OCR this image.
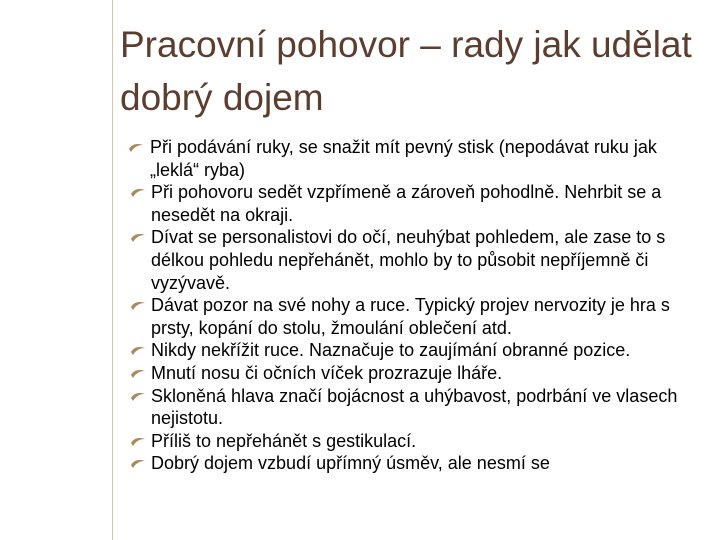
Pracovní pohovor – rady jak udělat dobrý dojem
Při podávání ruky, se snažit mít pevný stisk (nepodávat ruku jak „leklá“ ryba)
Při pohovoru sedět vzpřímeně a zároveň pohodlně. Nehrbit se a nesedět na okraji.
Dívat se personalistovi do očí, neuhýbat pohledem, ale zase to s délkou pohledu nepřehánět, mohlo by to působit nepříjemně či vyzývavě.
Dávat pozor na své nohy a ruce. Typický projev nervozity je hra s prsty, kopání do stolu, žmoulání oblečení atd.
Nikdy nekřížit ruce. Naznačuje to zaujímání obranné pozice.
Mnutí nosu či očních víček prozrazuje lháře.
Skloněná hlava značí bojácnost a uhýbavost, podrbání ve vlasech nejistotu.
Příliš to nepřehánět s gestikulací.
Dobrý dojem vzbudí upřímný úsměv, ale nesmí se
